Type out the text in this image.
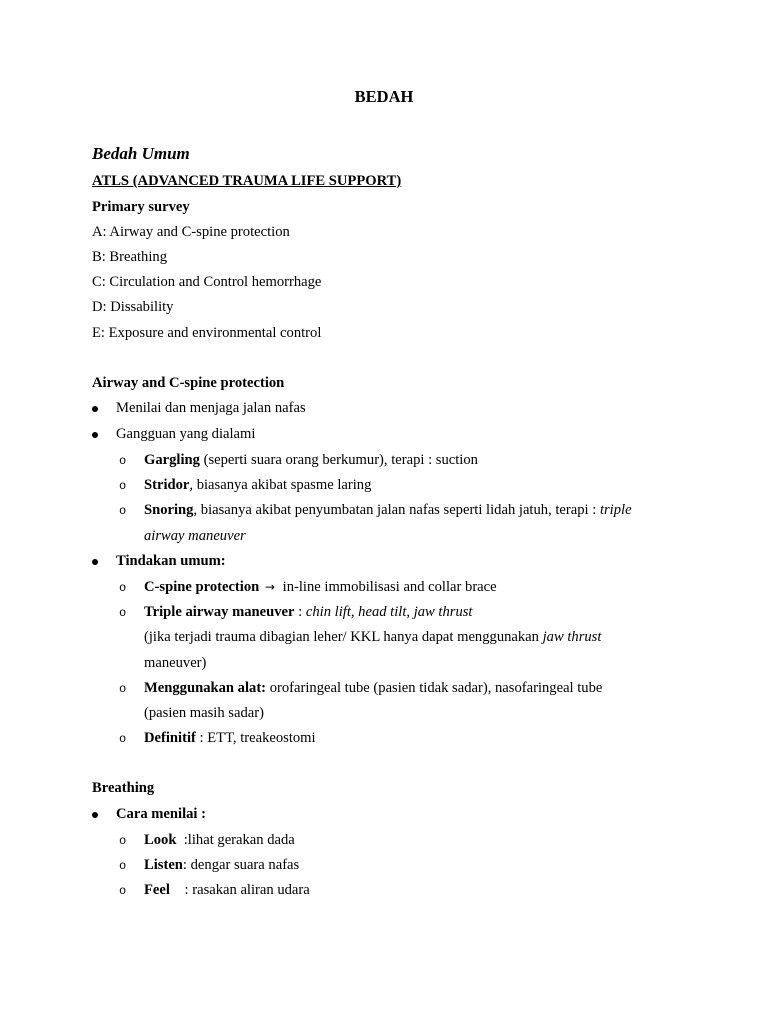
BEDAH
Bedah Umum
ATLS (ADVANCED TRAUMA LIFE SUPPORT)
Primary survey
A: Airway and C-spine protection
B: Breathing
C: Circulation and Control hemorrhage
D: Dissability
E: Exposure and environmental control
Airway and C-spine protection
Menilai dan menjaga jalan nafas
Gangguan yang dialami
o Gargling (seperti suara orang berkumur), terapi : suction
o Stridor, biasanya akibat spasme laring
o Snoring, biasanya akibat penyumbatan jalan nafas seperti lidah jatuh, terapi : triple
airway maneuver
Tindakan umum:
o C-spine protection → in-line immobilisasi and collar brace
o Triple airway maneuver : chin lift, head tilt, jaw thrust
(jika terjadi trauma dibagian leher/ KKL hanya dapat menggunakan jaw thrust
maneuver)
o Menggunakan alat: orofaringeal tube (pasien tidak sadar), nasofaringeal tube
(pasien masih sadar)
o Definitif : ETT, treakeostomi
Breathing
Cara menilai :
o Look  :lihat gerakan dada
o Listen: dengar suara nafas
o Feel    : rasakan aliran udara
